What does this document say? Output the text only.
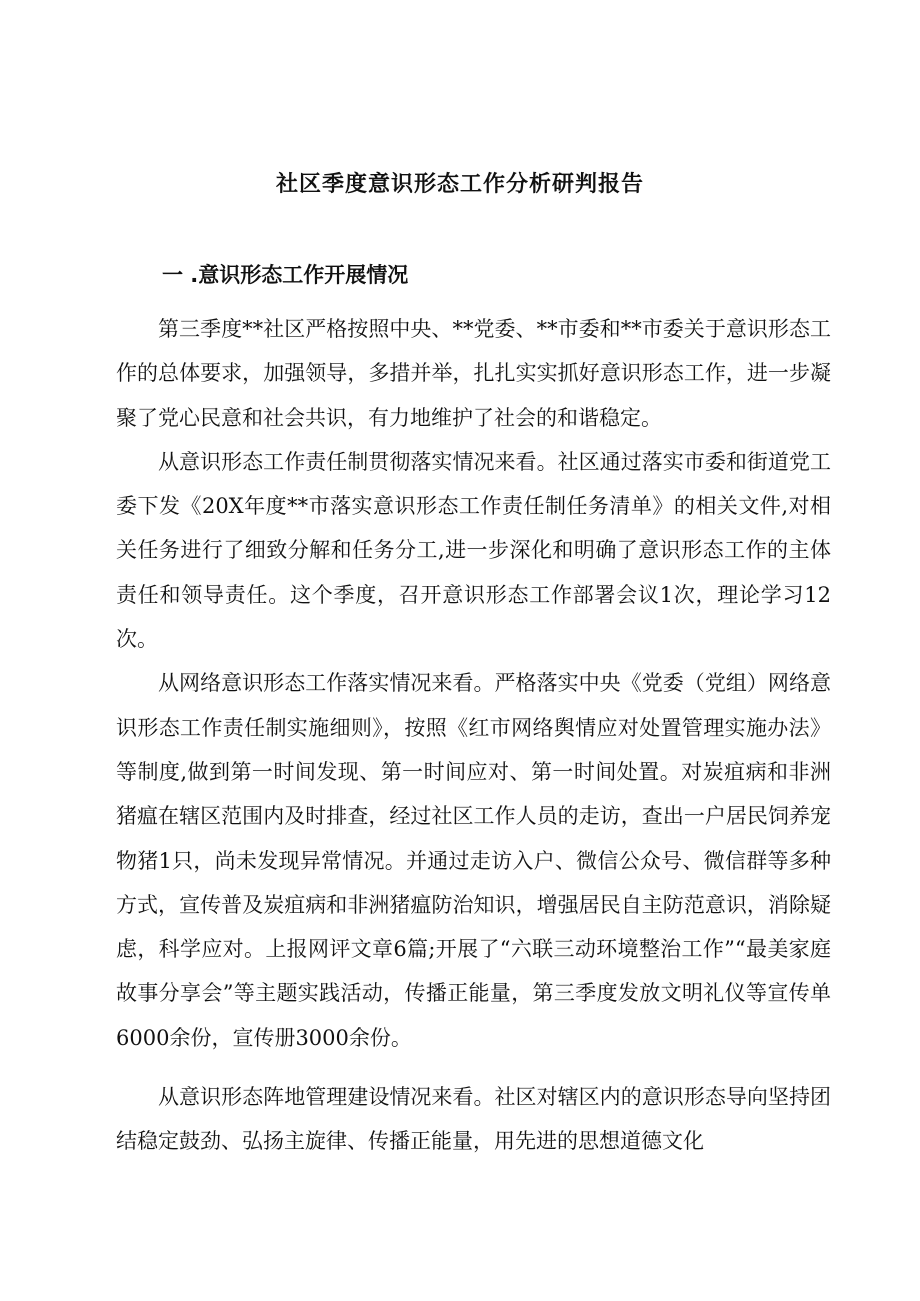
社区季度意识形态工作分析研判报告
一 .意识形态工作开展情况

第三季度**社区严格按照中央、**党委、**市委和**市委关于意识形态工作的总体要求，加强领导，多措并举，扎扎实实抓好意识形态工作，进一步凝聚了党心民意和社会共识，有力地维护了社会的和谐稳定。

从意识形态工作责任制贯彻落实情况来看。社区通过落实市委和街道党工委下发《20X年度**市落实意识形态工作责任制任务清单》的相关文件,对相关任务进行了细致分解和任务分工,进一步深化和明确了意识形态工作的主体责任和领导责任。这个季度，召开意识形态工作部署会议1次，理论学习12次。

从网络意识形态工作落实情况来看。严格落实中央《党委（党组）网络意识形态工作责任制实施细则》，按照《红市网络舆情应对处置管理实施办法》等制度,做到第一时间发现、第一时间应对、第一时间处置。对炭疽病和非洲猪瘟在辖区范围内及时排查，经过社区工作人员的走访，查出一户居民饲养宠物猪1只，尚未发现异常情况。并通过走访入户、微信公众号、微信群等多种方式，宣传普及炭疽病和非洲猪瘟防治知识，增强居民自主防范意识，消除疑虑，科学应对。上报网评文章6篇;开展了“六联三动环境整治工作”“最美家庭故事分享会”等主题实践活动，传播正能量，第三季度发放文明礼仪等宣传单6000余份，宣传册3000余份。

从意识形态阵地管理建设情况来看。社区对辖区内的意识形态导向坚持团结稳定鼓劲、弘扬主旋律、传播正能量，用先进的思想道德文化
